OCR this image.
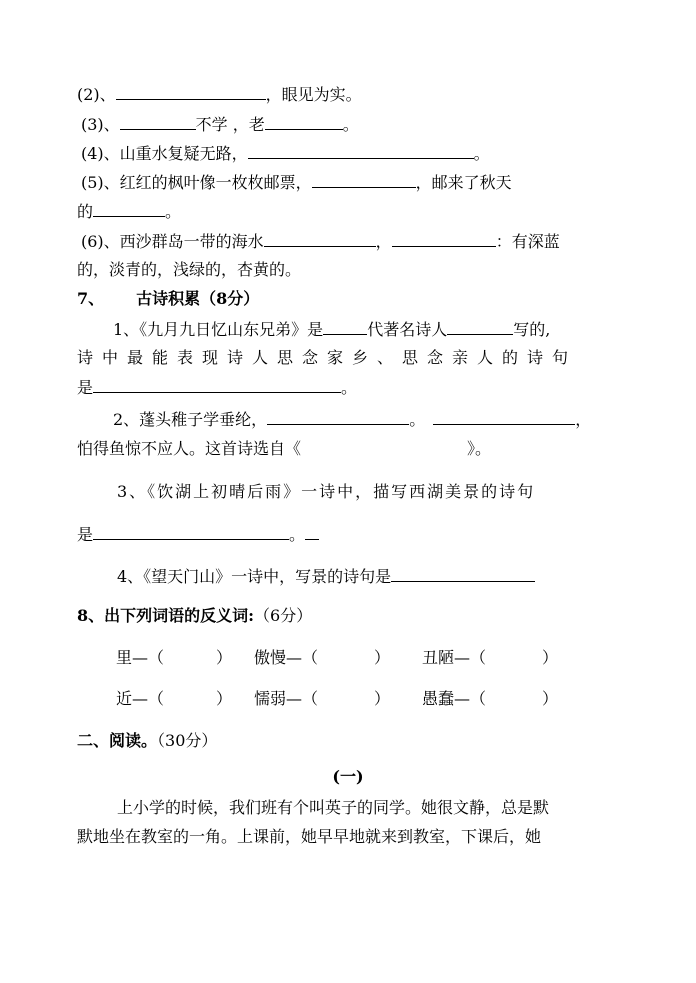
(2)、	，眼见为实。
(3)、	不学 ，老	。
(4)、山重水复疑无路，	。
(5)、红红的枫叶像一枚枚邮票，	，邮来了秋天
的	。
(6)、西沙群岛一带的海水	，	：有深蓝
的，淡青的，浅绿的，杏黄的。
7、 古诗积累（8分）
1、《九月九日忆山东兄弟》是	代著名诗人	写的,
诗中最能表现诗人思念家乡、思念亲人的诗句
是	。
2、蓬头稚子学垂纶，	。	，
怕得鱼惊不应人。这首诗选自《	》。
3、《饮湖上初晴后雨》一诗中，描写西湖美景的诗句
是	。
4、《望天门山》一诗中，写景的诗句是
8、出下列词语的反义词:（6分）
里—（	） 傲慢—（	） 丑陋—（	）
近—（	） 懦弱—（	） 愚蠢—（	）
二、阅读。（30分）
(一)
上小学的时候，我们班有个叫英子的同学。她很文静，总是默
默地坐在教室的一角。上课前，她早早地就来到教室，下课后，她
